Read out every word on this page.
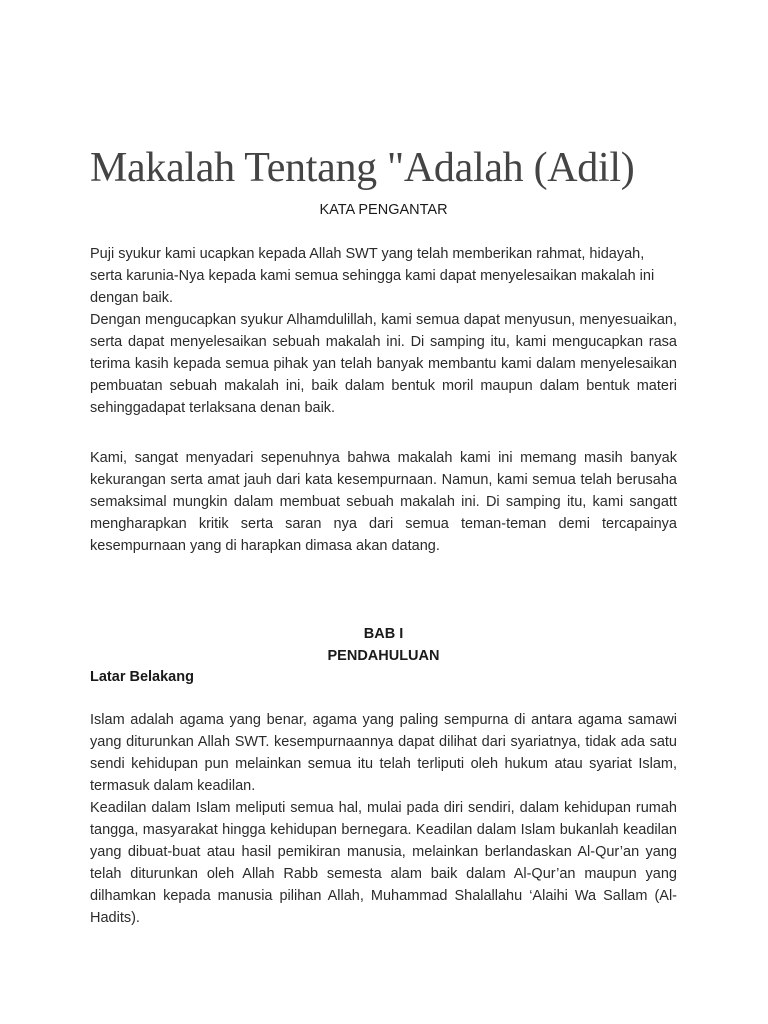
Makalah Tentang "Adalah (Adil)
KATA PENGANTAR

Puji syukur kami ucapkan kepada Allah SWT yang telah memberikan rahmat, hidayah, serta karunia-Nya kepada kami semua sehingga kami dapat menyelesaikan makalah ini dengan baik.

Dengan mengucapkan syukur Alhamdulillah, kami semua dapat menyusun, menyesuaikan, serta dapat menyelesaikan sebuah makalah ini. Di samping itu, kami mengucapkan rasa terima kasih kepada semua pihak yan telah banyak membantu kami dalam menyelesaikan pembuatan sebuah makalah ini, baik dalam bentuk moril maupun dalam bentuk materi sehinggadapat terlaksana denan baik.

Kami, sangat menyadari sepenuhnya bahwa makalah kami ini memang masih banyak kekurangan serta amat jauh dari kata kesempurnaan. Namun, kami semua telah berusaha semaksimal mungkin dalam membuat sebuah makalah ini. Di samping itu, kami sangatt mengharapkan kritik serta saran nya dari semua teman-teman demi tercapainya kesempurnaan yang di harapkan dimasa akan datang.

BAB I
PENDAHULUAN
Latar Belakang

Islam adalah agama yang benar, agama yang paling sempurna di antara agama samawi yang diturunkan Allah SWT. kesempurnaannya dapat dilihat dari syariatnya, tidak ada satu sendi kehidupan pun melainkan semua itu telah terliputi oleh hukum atau syariat Islam, termasuk dalam keadilan.

Keadilan dalam Islam meliputi semua hal, mulai pada diri sendiri, dalam kehidupan rumah tangga, masyarakat hingga kehidupan bernegara. Keadilan dalam Islam bukanlah keadilan yang dibuat-buat atau hasil pemikiran manusia, melainkan berlandaskan Al-Qur’an yang telah diturunkan oleh Allah Rabb semesta alam baik dalam Al-Qur’an maupun yang dilhamkan kepada manusia pilihan Allah, Muhammad Shalallahu ‘Alaihi Wa Sallam (Al-Hadits).
